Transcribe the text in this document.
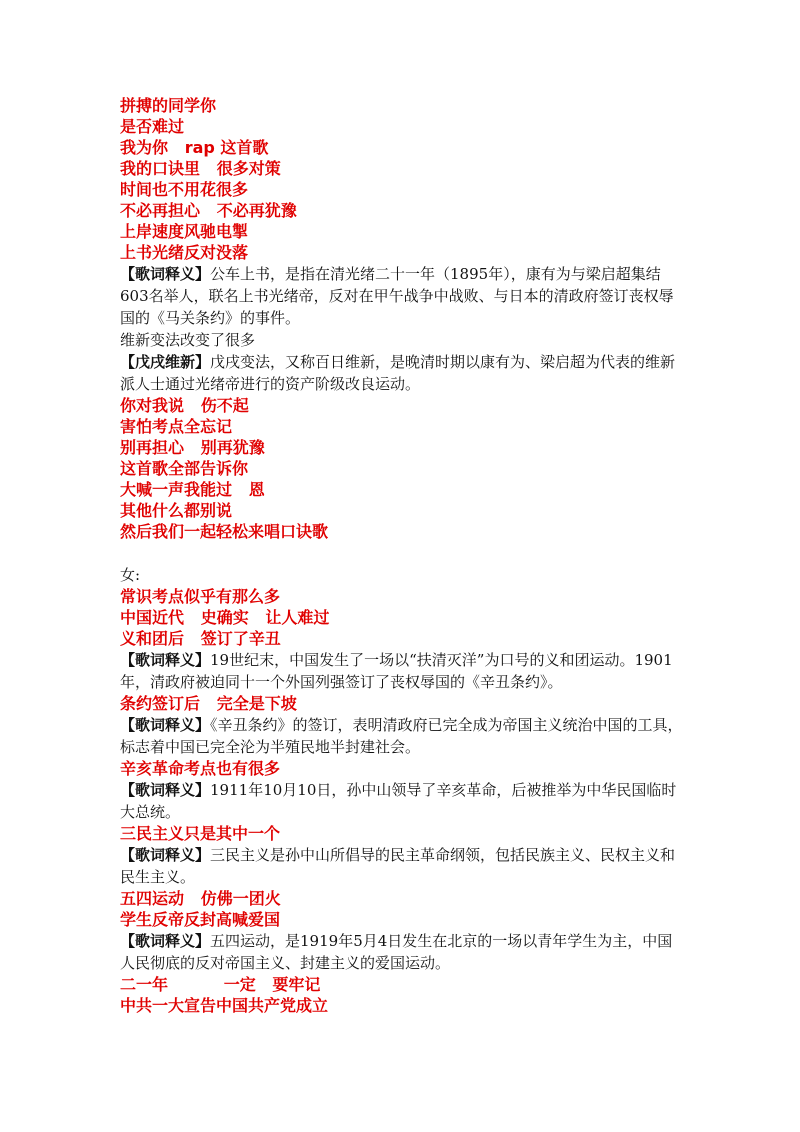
拼搏的同学你
是否难过
我为你   rap 这首歌
我的口诀里   很多对策
时间也不用花很多
不必再担心   不必再犹豫
上岸速度风驰电掣
上书光绪反对没落
【歌词释义】公车上书，是指在清光绪二十一年（1895年），康有为与梁启超集结603名举人，联名上书光绪帝，反对在甲午战争中战败、与日本的清政府签订丧权辱国的《马关条约》的事件。
维新变法改变了很多
【戊戌维新】戊戌变法，又称百日维新，是晚清时期以康有为、梁启超为代表的维新派人士通过光绪帝进行的资产阶级改良运动。
你对我说   伤不起
害怕考点全忘记
别再担心   别再犹豫
这首歌全部告诉你
大喊一声我能过   恩
其他什么都别说
然后我们一起轻松来唱口诀歌
女:
常识考点似乎有那么多
中国近代   史确实   让人难过
义和团后   签订了辛丑
【歌词释义】19世纪末，中国发生了一场以“扶清灭洋”为口号的义和团运动。1901年，清政府被迫同十一个外国列强签订了丧权辱国的《辛丑条约》。
条约签订后   完全是下坡
【歌词释义】《辛丑条约》的签订，表明清政府已完全成为帝国主义统治中国的工具，标志着中国已完全沦为半殖民地半封建社会。
辛亥革命考点也有很多
【歌词释义】1911年10月10日，孙中山领导了辛亥革命，后被推举为中华民国临时大总统。
三民主义只是其中一个
【歌词释义】三民主义是孙中山所倡导的民主革命纲领，包括民族主义、民权主义和民生主义。
五四运动   仿佛一团火
学生反帝反封高喊爱国
【歌词释义】五四运动，是1919年5月4日发生在北京的一场以青年学生为主，中国人民彻底的反对帝国主义、封建主义的爱国运动。
二一年          一定   要牢记
中共一大宣告中国共产党成立
